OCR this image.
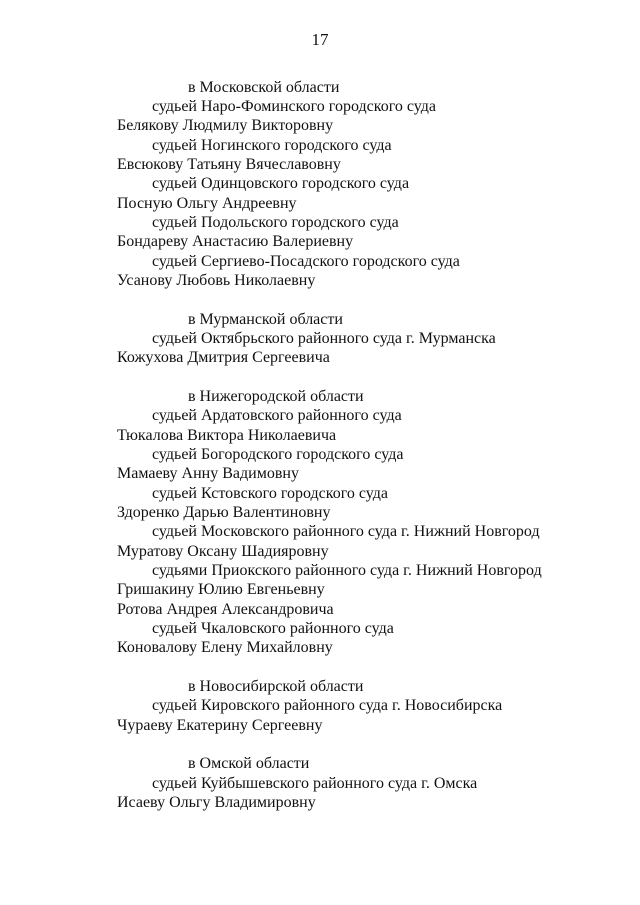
17
в Московской области
судьей Наро-Фоминского городского суда
Белякову Людмилу Викторовну
судьей Ногинского городского суда
Евсюкову Татьяну Вячеславовну
судьей Одинцовского городского суда
Посную Ольгу Андреевну
судьей Подольского городского суда
Бондареву Анастасию Валериевну
судьей Сергиево-Посадского городского суда
Усанову Любовь Николаевну
в Мурманской области
судьей Октябрьского районного суда г. Мурманска
Кожухова Дмитрия Сергеевича
в Нижегородской области
судьей Ардатовского районного суда
Тюкалова Виктора Николаевича
судьей Богородского городского суда
Мамаеву Анну Вадимовну
судьей Кстовского городского суда
Здоренко Дарью Валентиновну
судьей Московского районного суда г. Нижний Новгород
Муратову Оксану Шадияровну
судьями Приокского районного суда г. Нижний Новгород
Гришакину Юлию Евгеньевну
Ротова Андрея Александровича
судьей Чкаловского районного суда
Коновалову Елену Михайловну
в Новосибирской области
судьей Кировского районного суда г. Новосибирска
Чураеву Екатерину Сергеевну
в Омской области
судьей Куйбышевского районного суда г. Омска
Исаеву Ольгу Владимировну
